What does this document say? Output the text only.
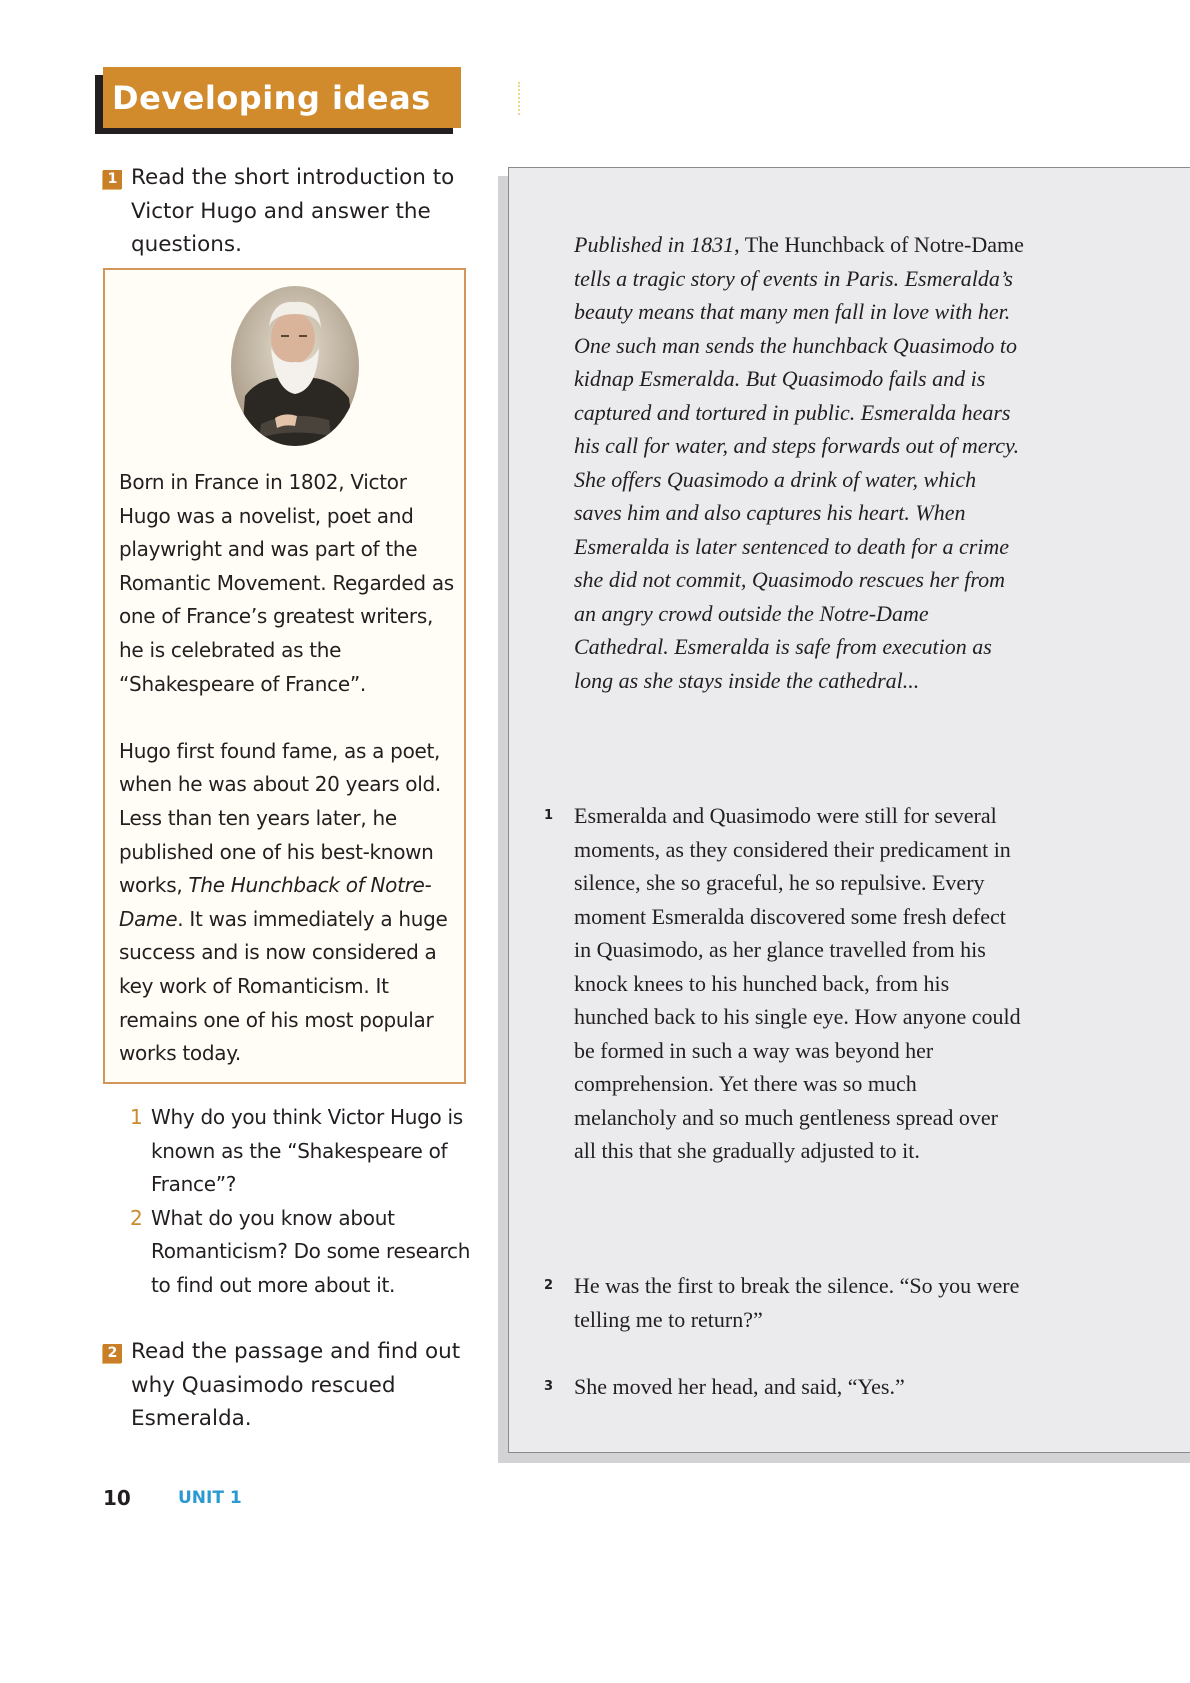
Developing ideas
1 Read the short introduction to Victor Hugo and answer the questions.

Born in France in 1802, Victor Hugo was a novelist, poet and playwright and was part of the Romantic Movement. Regarded as one of France’s greatest writers, he is celebrated as the “Shakespeare of France”.

Hugo first found fame, as a poet, when he was about 20 years old. Less than ten years later, he published one of his best-known works, The Hunchback of Notre-Dame. It was immediately a huge success and is now considered a key work of Romanticism. It remains one of his most popular works today.

1 Why do you think Victor Hugo is known as the “Shakespeare of France”?
2 What do you know about Romanticism? Do some research to find out more about it.
2 Read the passage and find out why Quasimodo rescued Esmeralda.
10	UNIT 1
Published in 1831, The Hunchback of Notre-Dame tells a tragic story of events in Paris. Esmeralda’s beauty means that many men fall in love with her. One such man sends the hunchback Quasimodo to kidnap Esmeralda. But Quasimodo fails and is captured and tortured in public. Esmeralda hears his call for water, and steps forwards out of mercy. She offers Quasimodo a drink of water, which saves him and also captures his heart. When Esmeralda is later sentenced to death for a crime she did not commit, Quasimodo rescues her from an angry crowd outside the Notre-Dame Cathedral. Esmeralda is safe from execution as long as she stays inside the cathedral...
1 Esmeralda and Quasimodo were still for several moments, as they considered their predicament in silence, she so graceful, he so repulsive. Every moment Esmeralda discovered some fresh defect in Quasimodo, as her glance travelled from his knock knees to his hunched back, from his hunched back to his single eye. How anyone could be formed in such a way was beyond her comprehension. Yet there was so much melancholy and so much gentleness spread over all this that she gradually adjusted to it.
2 He was the first to break the silence. “So you were telling me to return?”
3 She moved her head, and said, “Yes.”
